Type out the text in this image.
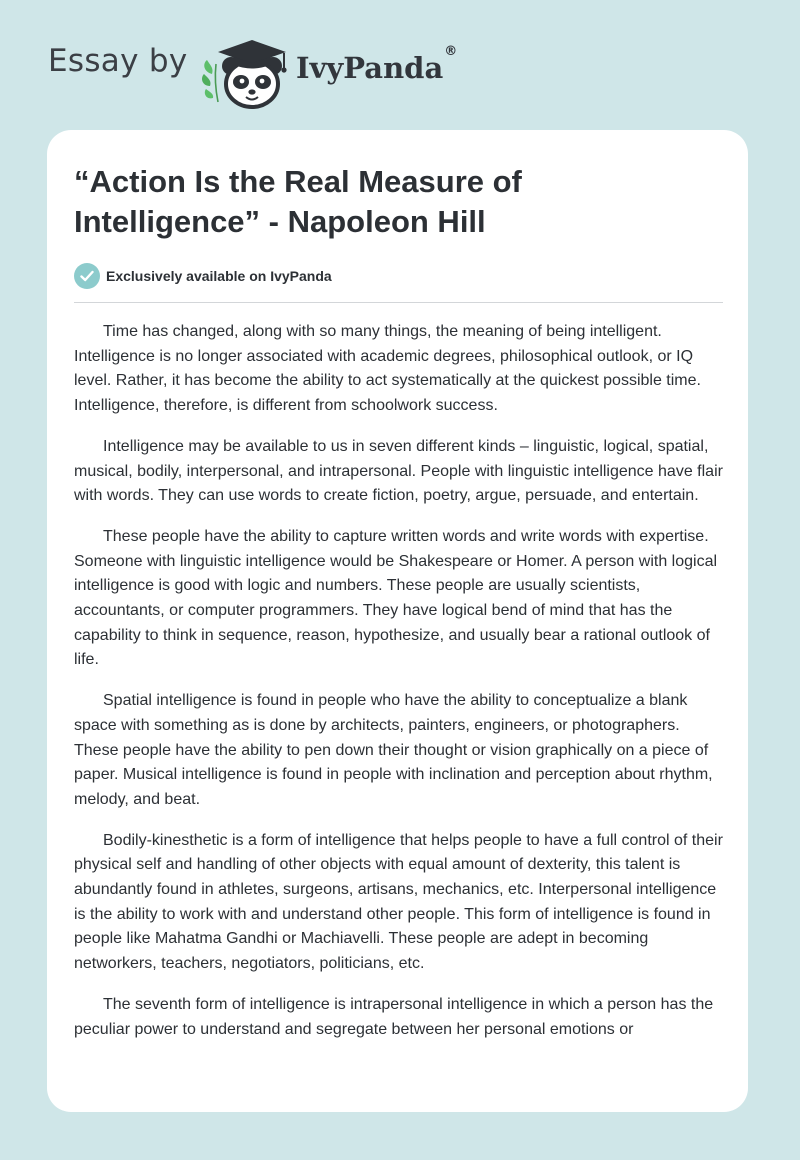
Essay by	IvyPanda®
“Action Is the Real Measure of Intelligence” - Napoleon Hill
Exclusively available on IvyPanda

Time has changed, along with so many things, the meaning of being intelligent. Intelligence is no longer associated with academic degrees, philosophical outlook, or IQ level. Rather, it has become the ability to act systematically at the quickest possible time. Intelligence, therefore, is different from schoolwork success.

Intelligence may be available to us in seven different kinds – linguistic, logical, spatial, musical, bodily, interpersonal, and intrapersonal. People with linguistic intelligence have flair with words. They can use words to create fiction, poetry, argue, persuade, and entertain.

These people have the ability to capture written words and write words with expertise. Someone with linguistic intelligence would be Shakespeare or Homer. A person with logical intelligence is good with logic and numbers. These people are usually scientists, accountants, or computer programmers. They have logical bend of mind that has the capability to think in sequence, reason, hypothesize, and usually bear a rational outlook of life.

Spatial intelligence is found in people who have the ability to conceptualize a blank space with something as is done by architects, painters, engineers, or photographers. These people have the ability to pen down their thought or vision graphically on a piece of paper. Musical intelligence is found in people with inclination and perception about rhythm, melody, and beat.

Bodily-kinesthetic is a form of intelligence that helps people to have a full control of their physical self and handling of other objects with equal amount of dexterity, this talent is abundantly found in athletes, surgeons, artisans, mechanics, etc. Interpersonal intelligence is the ability to work with and understand other people. This form of intelligence is found in people like Mahatma Gandhi or Machiavelli. These people are adept in becoming networkers, teachers, negotiators, politicians, etc.

The seventh form of intelligence is intrapersonal intelligence in which a person has the peculiar power to understand and segregate between her personal emotions or
